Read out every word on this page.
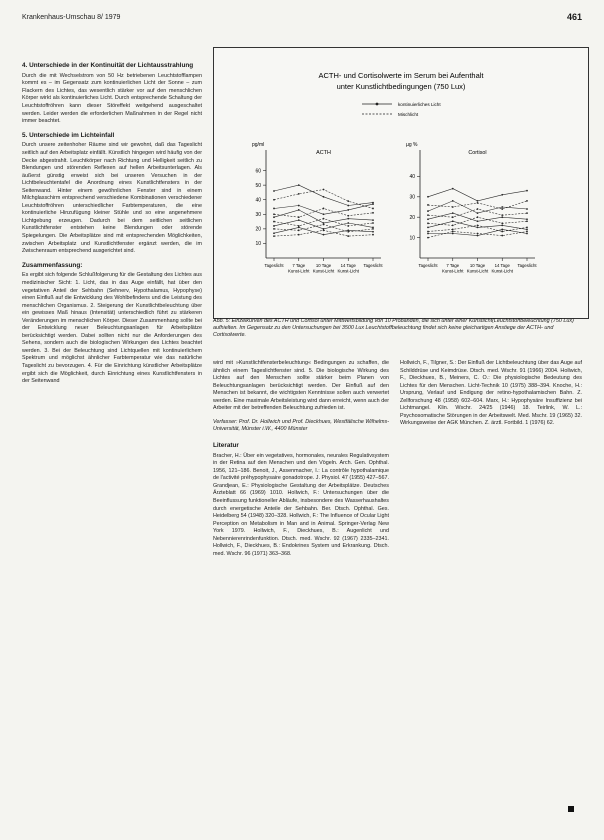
Krankenhaus-Umschau 8/ 1979	461
4. Unterschiede in der Kontinuität der Lichtausstrahlung

Durch die mit Wechselstrom von 50 Hz betriebenen Leuchtstofflampen kommt es – im Gegensatz zum kontinuierlichen Licht der Sonne – zum Flackern des Lichtes, das wesentlich stärker vor auf den menschlichen Körper wirkt als kontinuierliches Licht. Durch entsprechende Schaltung der Leuchtstoffröhren kann dieser Störeffekt weitgehend ausgeschaltet werden. Leider werden die erforderlichen Maßnahmen in der Regel nicht immer beachtet.

5. Unterschiede im Lichteinfall

Durch unsere zeitenhoher Räume sind wir gewohnt, daß das Tageslicht seitlich auf den Arbeitsplatz einfällt. Künstlich hingegen wird häufig von der Decke abgestrahlt. Leuchtkörper nach Richtung und Helligkeit seitlich zu Blendungen und störenden Reflexen auf hellen Arbeitsunterlagen. Als äußerst günstig erweist sich bei unseren Versuchen in der Lichtbeleuchtentafel die Anordnung eines Kunstlichtfensters in der Seitenwand. Hinter einem gewöhnlichen Fenster sind in einem Milchglasschirm entsprechend verschiedene Kombinationen verschiedener Leuchtstoffröhren unterschiedlicher Farbtemperaturen, die eine kontinuierliche Hinzufügung kleiner Stühle und so eine angenehmere Lichtgebung erzeugen. Dadurch bei dem seitlichen seitlichen Kunstlichtfenster entstehen keine Blendungen oder störende Spiegelungen. Die Arbeitsplätze sind mit entsprechenden Möglichkeiten, zwischen Arbeitsplatz und Kunstlichtfenster ergänzt werden, die im Zwischenraum entsprechend ausgerichtet sind.

Zusammenfassung:

Es ergibt sich folgende Schlußfolgerung für die Gestaltung des Lichtes aus medizinischer Sicht: 1. Licht, das in das Auge einfällt, hat über den vegetativen Anteil der Sehbahn (Sehnerv, Hypothalamus, Hypophyse) einen Einfluß auf die Entwicklung des Wohlbefindens und die Leistung des menschlichen Organismus. 2. Steigerung der Kunstlichtbeleuchtung über ein gewisses Maß hinaus (Intensität) unterschiedlich führt zu stärkeren Veränderungen im menschlichen Körper. Dieser Zusammenhang sollte bei der Entwicklung neuer Beleuchtungsanlagen für Arbeitsplätze berücksichtigt werden. Dabei sollten nicht nur die Anforderungen des Sehens, sondern auch die biologischen Wirkungen des Lichtes beachtet werden. 3. Bei der Beleuchtung sind Lichtquellen mit kontinuierlichem Spektrum und möglichst ähnlicher Farbtemperatur wie das natürliche Tageslicht zu bevorzugen. 4. Für die Einrichtung künstlicher Arbeitsplätze ergibt sich die Möglichkeit, durch Einrichtung eines Kunstlichtfensters in der Seitenwand

ACTH- und Cortisolwerte im Serum bei Aufenthalt
unter Kunstlichtbedingungen (750 Lux)
kontinuierliches Licht
Mischlicht
pg/ml
ACTH
10
20
30
40
50
60
Tageslicht 7 Tage
Kunst-Licht
10 Tage
Kunst-Licht
14 Tage
Kunst-Licht
Tageslicht
µg %
Cortisol
10
20
30
40
Tageslicht 7 Tage
Kunst-Licht
10 Tage
Kunst-Licht
14 Tage
Kunst-Licht
Tageslicht
Abb. 5: Einzelkurven des ACTH und Cortisol unter Mittwertsbildung von 10 Probanden, die sich unter einer Kunstlicht(Leuchtstoffbeleuchtung (750 Lux) aufhielten. Im Gegensatz zu den Untersuchungen bei 3500 Lux Leuchtstoffbeleuchtung findet sich keine gleichartigen Anstiege der ACTH- und Cortisolwerte.

wird mit »Kunstlichtfensterbeleuchtung« Bedingungen zu schaffen, die ähnlich einem Tageslichtfenster sind. 5. Die biologische Wirkung des Lichtes auf den Menschen sollte stärker beim Planen von Beleuchtungsanlagen berücksichtigt werden. Der Einfluß auf den Menschen ist bekannt, die wichtigsten Kenntnisse sollen auch verwertet werden. Eine maximale Arbeitsleistung wird dann erreicht, wenn auch der Arbeiter mit der betreffenden Beleuchtung zufrieden ist.

Verfasser: Prof. Dr. Hollwich und Prof. Dieckhues, Westfälische Wilhelms-Universität, Münster i.W., 4400 Münster

Literatur

Bracher, H.: Über ein vegetatives, hormonales, neurales Regulativsystem in der Retina auf den Menschen und den Vögeln. Arch. Gen. Ophthal. 1956, 121–186. Benoit, J., Assenmacher, I.: La contrôle hypothalamique de l'activité préhypophysaire gonadotrope. J. Physiol. 47 (1955) 427–567. Grandjean, E.: Physiologische Gestaltung der Arbeitsplätze. Deutsches Ärzteblatt 66 (1969) 1010. Hollwich, F.: Untersuchungen über die Beeinflussung funktioneller Abläufe, insbesondere des Wasserhaushaltes durch energetische Anteile der Sehbahn. Ber. Dtsch. Ophthal. Ges. Heidelberg 54 (1948) 320–328. Hollwich, F.: The Influence of Ocular Light Perception on Metabolism in Man and in Animal. Springer-Verlag New York 1979. Hollwich, F., Dieckhues, B.: Augenlicht und Nebennierenrindenfunktion. Dtsch. med. Wschr. 92 (1967) 2335–2341. Hollwich, F., Dieckhues, B.: Endokrines System und Erkrankung. Dtsch. med. Wschr. 96 (1971) 363–368.

Hollwich, F., Tilgner, S.: Der Einfluß der Lichtbeleuchtung über das Auge auf Schilddrüse und Keimdrüse. Dtsch. med. Wschr. 91 (1966) 2004. Hollwich, F., Dieckhues, B., Meiners, C. O.: Die physiologische Bedeutung des Lichtes für den Menschen. Licht-Technik 10 (1975) 388–394. Knoche, H.: Ursprung, Verlauf und Endigung der retino-hypothalamischen Bahn. Z. Zellforschung 48 (1958) 602–604. Marx, H.: Hypophysäre Insuffizienz bei Lichtmangel. Klin. Wschr. 24/25 (1946) 18. Teirlink, W. L.: Psychosomatische Störungen in der Arbeitswelt. Med. Mschr. 19 (1965) 32. Wirkungsweise der AGK München. Z. ärztl. Fortbild. 1 (1976) 62.
